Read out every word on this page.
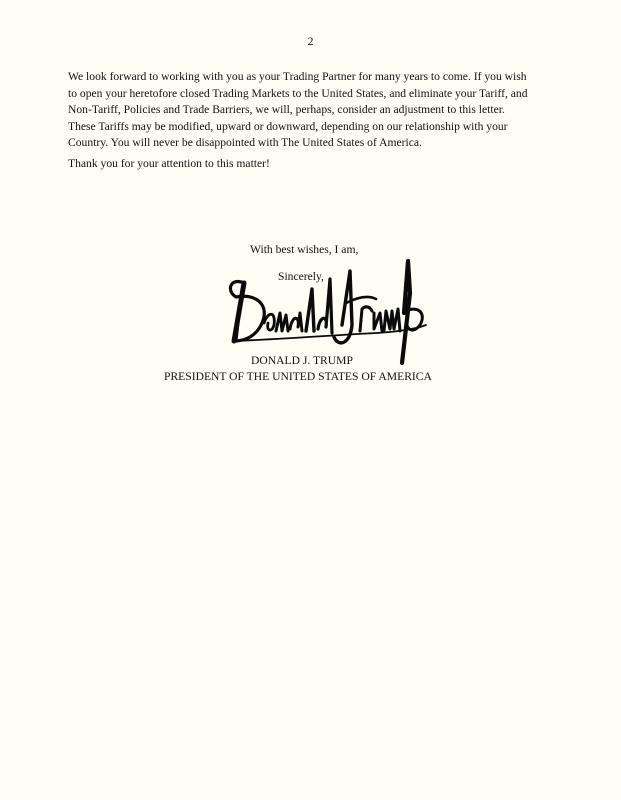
2

We look forward to working with you as your Trading Partner for many years to come. If you wish to open your heretofore closed Trading Markets to the United States, and eliminate your Tariff, and Non-Tariff, Policies and Trade Barriers, we will, perhaps, consider an adjustment to this letter. These Tariffs may be modified, upward or downward, depending on our relationship with your Country. You will never be disappointed with The United States of America.

Thank you for your attention to this matter!

With best wishes, I am,
Sincerely,
DONALD J. TRUMP
PRESIDENT OF THE UNITED STATES OF AMERICA
